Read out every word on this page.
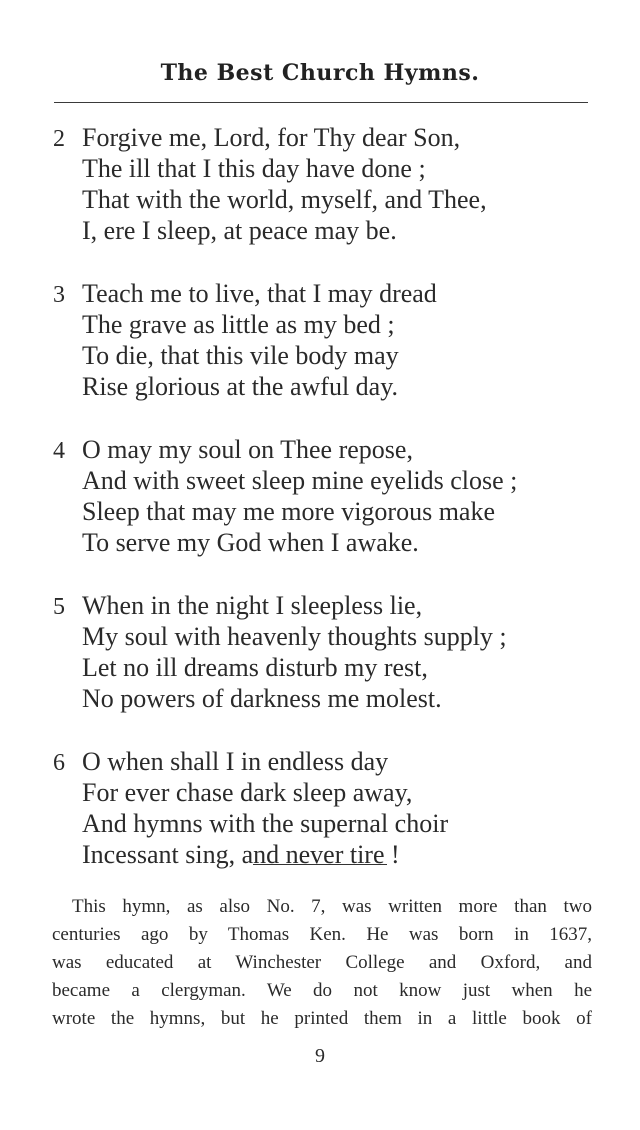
The Best Church Hymns.
2 Forgive me, Lord, for Thy dear Son,
The ill that I this day have done ;
That with the world, myself, and Thee,
I, ere I sleep, at peace may be.
3 Teach me to live, that I may dread
The grave as little as my bed ;
To die, that this vile body may
Rise glorious at the awful day.
4 O may my soul on Thee repose,
And with sweet sleep mine eyelids close ;
Sleep that may me more vigorous make
To serve my God when I awake.
5 When in the night I sleepless lie,
My soul with heavenly thoughts supply ;
Let no ill dreams disturb my rest,
No powers of darkness me molest.
6 O when shall I in endless day
For ever chase dark sleep away,
And hymns with the supernal choir
Incessant sing, and never tire !
This hymn, as also No. 7, was written more than two
centuries ago by Thomas Ken. He was born in 1637,
was educated at Winchester College and Oxford, and
became a clergyman. We do not know just when he
wrote the hymns, but he printed them in a little book of
9
